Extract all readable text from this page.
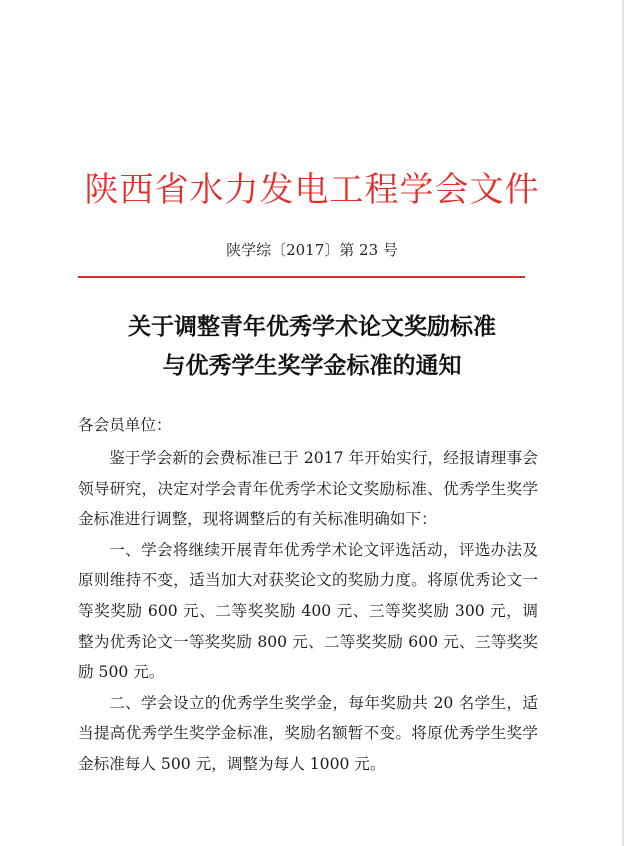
陕西省水力发电工程学会文件
陕学综〔2017〕第 23 号
关于调整青年优秀学术论文奖励标准
与优秀学生奖学金标准的通知
各会员单位：

鉴于学会新的会费标准已于 2017 年开始实行，经报请理事会领导研究，决定对学会青年优秀学术论文奖励标准、优秀学生奖学金标准进行调整，现将调整后的有关标准明确如下：

一、学会将继续开展青年优秀学术论文评选活动，评选办法及原则维持不变，适当加大对获奖论文的奖励力度。将原优秀论文一等奖奖励 600 元、二等奖奖励 400 元、三等奖奖励 300 元，调整为优秀论文一等奖奖励 800 元、二等奖奖励 600 元、三等奖奖励 500 元。

二、学会设立的优秀学生奖学金，每年奖励共 20 名学生，适当提高优秀学生奖学金标准，奖励名额暂不变。将原优秀学生奖学金标准每人 500 元，调整为每人 1000 元。
